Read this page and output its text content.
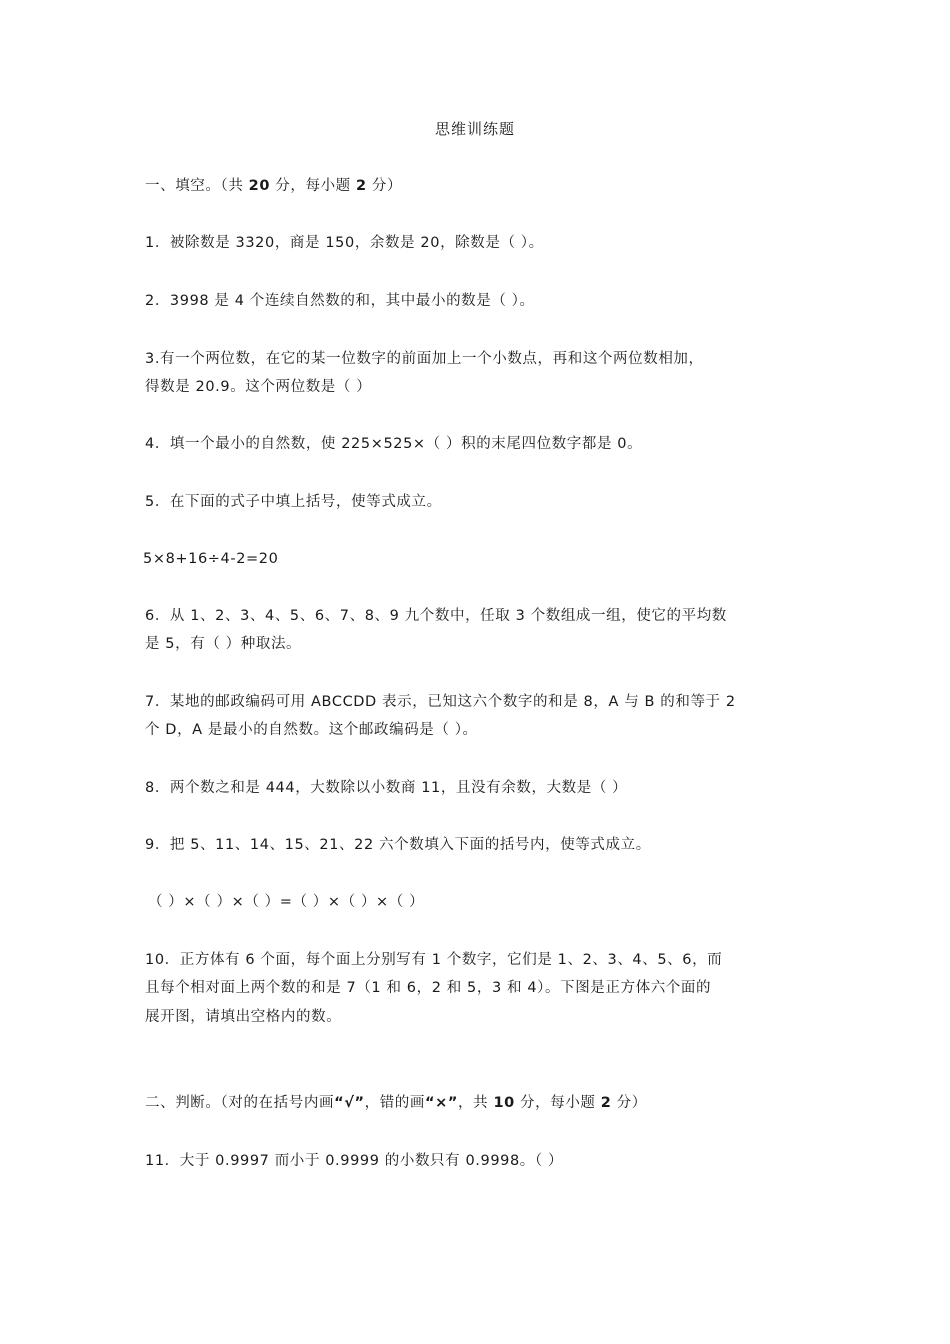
思维训练题
一、填空。（共 20 分，每小题 2 分）
1．被除数是 3320，商是 150，余数是 20，除数是（ ）。
2．3998 是 4 个连续自然数的和，其中最小的数是（ ）。
3.有一个两位数，在它的某一位数字的前面加上一个小数点，再和这个两位数相加，
得数是 20.9。这个两位数是（ ）
4．填一个最小的自然数，使 225×525×（ ）积的末尾四位数字都是 0。
5．在下面的式子中填上括号，使等式成立。
5×8+16÷4-2=20
6．从 1、2、3、4、5、6、7、8、9 九个数中，任取 3 个数组成一组，使它的平均数
是 5，有（ ）种取法。
7．某地的邮政编码可用 ABCCDD 表示，已知这六个数字的和是 8，A 与 B 的和等于 2
个 D，A 是最小的自然数。这个邮政编码是（ ）。
8．两个数之和是 444，大数除以小数商 11，且没有余数，大数是（ ）
9．把 5、11、14、15、21、22 六个数填入下面的括号内，使等式成立。
（ ）×（ ）×（ ）=（ ）×（ ）×（ ）
10．正方体有 6 个面，每个面上分别写有 1 个数字，它们是 1、2、3、4、5、6，而
且每个相对面上两个数的和是 7（1 和 6，2 和 5，3 和 4）。下图是正方体六个面的
展开图，请填出空格内的数。
二、判断。（对的在括号内画“√”，错的画“×”，共 10 分，每小题 2 分）
11．大于 0.9997 而小于 0.9999 的小数只有 0.9998。（ ）
